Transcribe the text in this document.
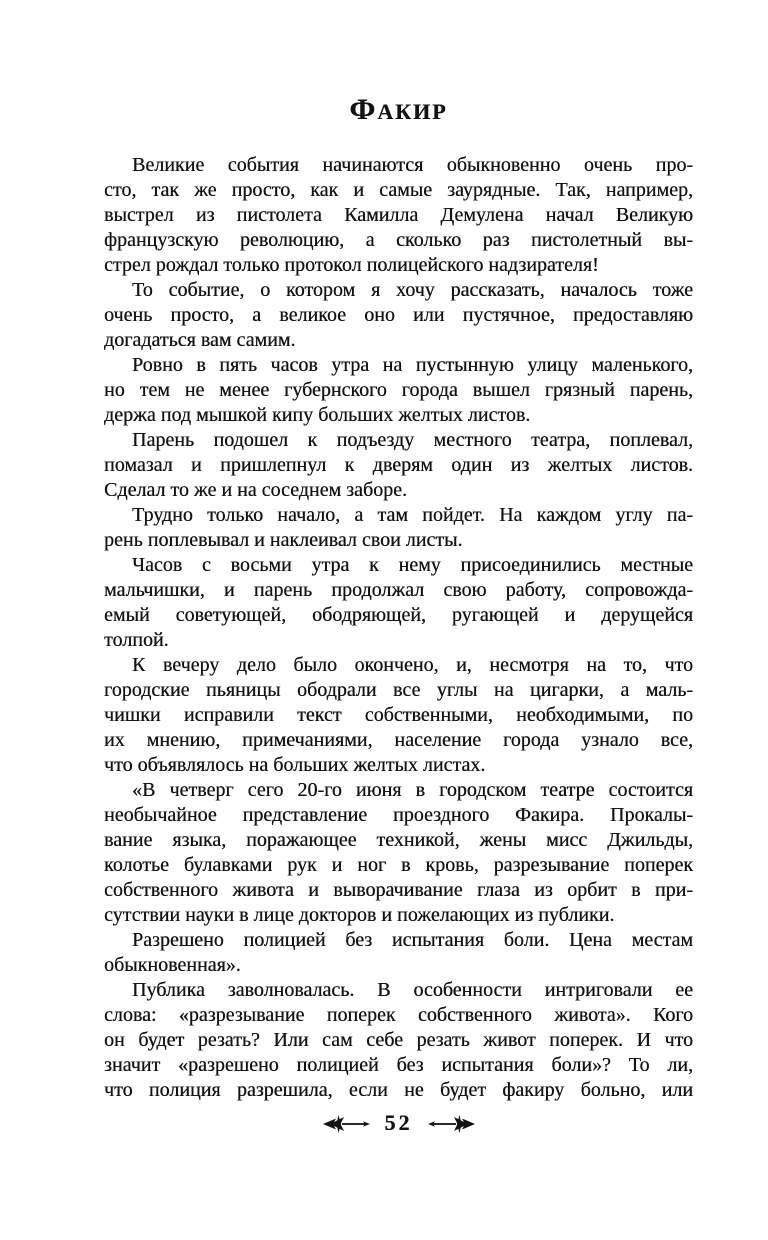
ФАКИР
Великие события начинаются обыкновенно очень про-
сто, так же просто, как и самые заурядные. Так, например,
выстрел из пистолета Камилла Демулена начал Великую
французскую революцию, а сколько раз пистолетный вы-
стрел рождал только протокол полицейского надзирателя!
То событие, о котором я хочу рассказать, началось тоже
очень просто, а великое оно или пустячное, предоставляю
догадаться вам самим.
Ровно в пять часов утра на пустынную улицу маленького,
но тем не менее губернского города вышел грязный парень,
держа под мышкой кипу больших желтых листов.
Парень подошел к подъезду местного театра, поплевал,
помазал и пришлепнул к дверям один из желтых листов.
Сделал то же и на соседнем заборе.
Трудно только начало, а там пойдет. На каждом углу па-
рень поплевывал и наклеивал свои листы.
Часов с восьми утра к нему присоединились местные
мальчишки, и парень продолжал свою работу, сопровожда-
емый советующей, ободряющей, ругающей и дерущейся
толпой.
К вечеру дело было окончено, и, несмотря на то, что
городские пьяницы ободрали все углы на цигарки, а маль-
чишки исправили текст собственными, необходимыми, по
их мнению, примечаниями, население города узнало все,
что объявлялось на больших желтых листах.
«В четверг сего 20-го июня в городском театре состоится
необычайное представление проездного Факира. Прокалы-
вание языка, поражающее техникой, жены мисс Джильды,
колотье булавками рук и ног в кровь, разрезывание поперек
собственного живота и выворачивание глаза из орбит в при-
сутствии науки в лице докторов и пожелающих из публики.
Разрешено полицией без испытания боли. Цена местам
обыкновенная».
Публика заволновалась. В особенности интриговали ее
слова: «разрезывание поперек собственного живота». Кого
он будет резать? Или сам себе резать живот поперек. И что
значит «разрешено полицией без испытания боли»? То ли,
что полиция разрешила, если не будет факиру больно, или
52
